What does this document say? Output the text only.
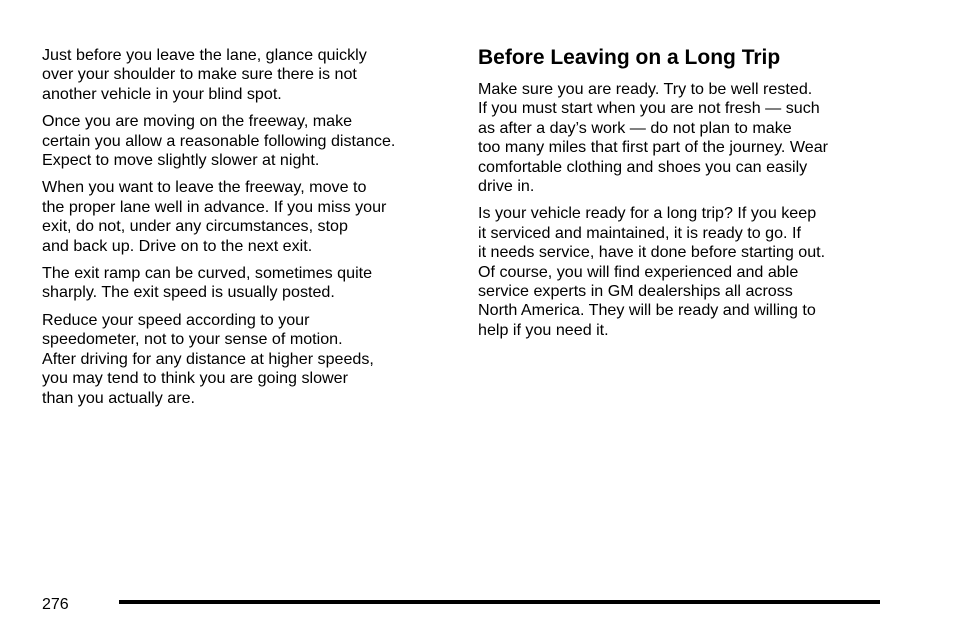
Just before you leave the lane, glance quickly
over your shoulder to make sure there is not
another vehicle in your blind spot.

Once you are moving on the freeway, make
certain you allow a reasonable following distance.
Expect to move slightly slower at night.

When you want to leave the freeway, move to
the proper lane well in advance. If you miss your
exit, do not, under any circumstances, stop
and back up. Drive on to the next exit.

The exit ramp can be curved, sometimes quite
sharply. The exit speed is usually posted.

Reduce your speed according to your
speedometer, not to your sense of motion.
After driving for any distance at higher speeds,
you may tend to think you are going slower
than you actually are.

Before Leaving on a Long Trip

Make sure you are ready. Try to be well rested.
If you must start when you are not fresh — such
as after a day’s work — do not plan to make
too many miles that first part of the journey. Wear
comfortable clothing and shoes you can easily
drive in.

Is your vehicle ready for a long trip? If you keep
it serviced and maintained, it is ready to go. If
it needs service, have it done before starting out.
Of course, you will find experienced and able
service experts in GM dealerships all across
North America. They will be ready and willing to
help if you need it.

276
